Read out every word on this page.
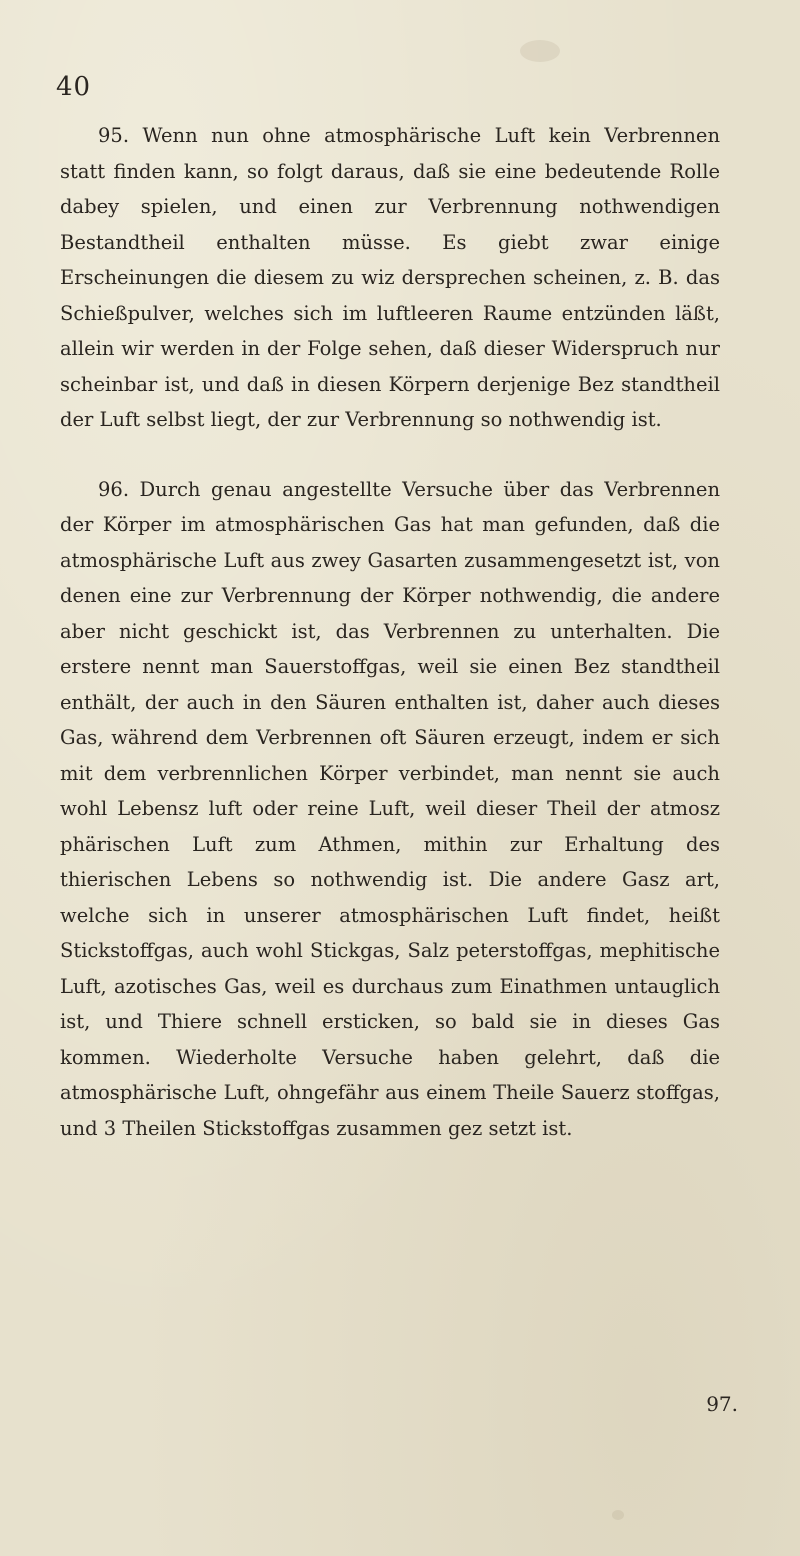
40

95. Wenn nun ohne atmosphärische Luft kein Verbrennen statt finden kann, so folgt daraus, daß sie eine bedeutende Rolle dabey spielen, und einen zur Verbrennung nothwendigen Bestandtheil enthalten müsse. Es giebt zwar einige Erscheinungen die diesem zu wiz dersprechen scheinen, z. B. das Schießpulver, welches sich im luftleeren Raume entzünden läßt, allein wir werden in der Folge sehen, daß dieser Widerspruch nur scheinbar ist, und daß in diesen Körpern derjenige Bez standtheil der Luft selbst liegt, der zur Verbrennung so nothwendig ist.

96. Durch genau angestellte Versuche über das Verbrennen der Körper im atmosphärischen Gas hat man gefunden, daß die atmosphärische Luft aus zwey Gasarten zusammengesetzt ist, von denen eine zur Verbrennung der Körper nothwendig, die andere aber nicht geschickt ist, das Verbrennen zu unterhalten. Die erstere nennt man Sauerstoffgas, weil sie einen Bez standtheil enthält, der auch in den Säuren enthalten ist, daher auch dieses Gas, während dem Verbrennen oft Säuren erzeugt, indem er sich mit dem verbrennlichen Körper verbindet, man nennt sie auch wohl Lebensz luft oder reine Luft, weil dieser Theil der atmosz phärischen Luft zum Athmen, mithin zur Erhaltung des thierischen Lebens so nothwendig ist. Die andere Gasz art, welche sich in unserer atmosphärischen Luft findet, heißt Stickstoffgas, auch wohl Stickgas, Salz peterstoffgas, mephitische Luft, azotisches Gas, weil es durchaus zum Einathmen untauglich ist, und Thiere schnell ersticken, so bald sie in dieses Gas kommen. Wiederholte Versuche haben gelehrt, daß die atmosphärische Luft, ohngefähr aus einem Theile Sauerz stoffgas, und 3 Theilen Stickstoffgas zusammen gez setzt ist.

97.
